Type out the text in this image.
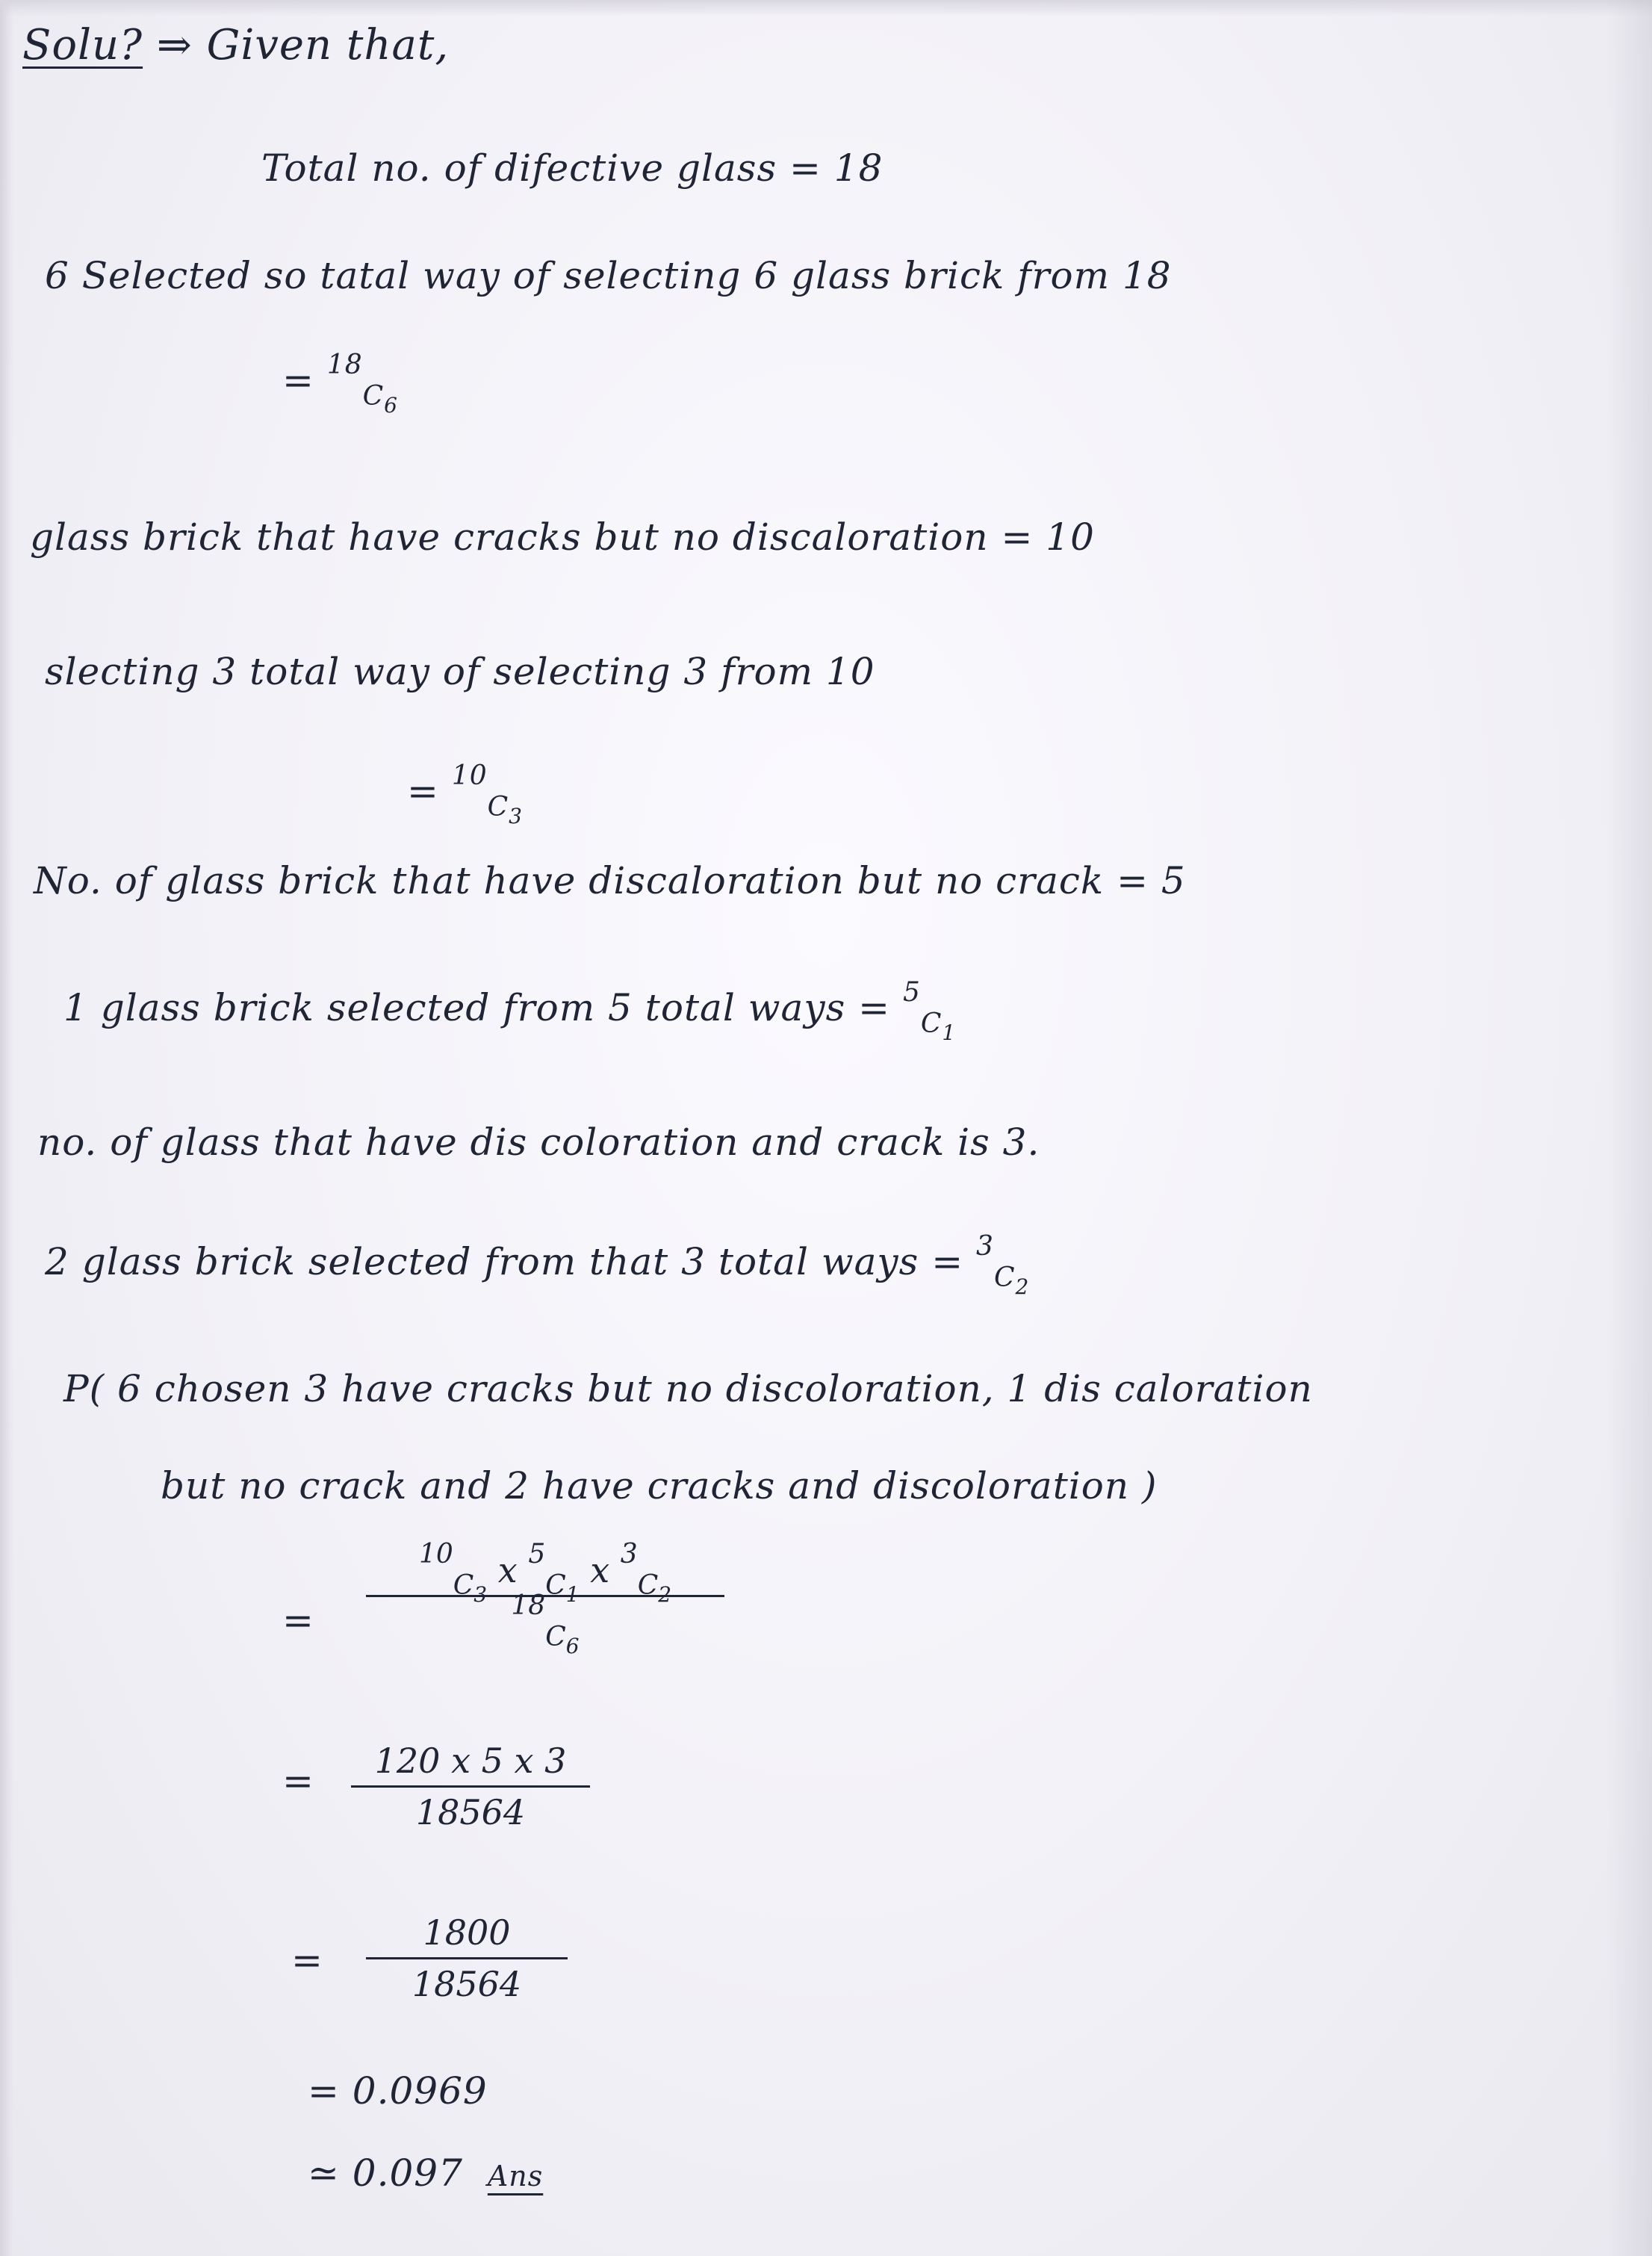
Solu? ⇒ Given that,
Total no. of difective glass = 18
6 Selected so tatal way of selecting 6 glass brick from 18
= $^{18}_{C6}$
glass brick that have cracks but no discaloration = 10
slecting 3 total way of selecting 3 from 10
= $^{10}_{C3}$
No. of glass brick that have discaloration but no crack = 5
1 glass brick selected from 5 total ways = $^5_{C1}$
no. of glass that have dis coloration and crack is 3.
2 glass brick selected from that 3 total ways = $^3_{C2}$
P( 6 chosen 3 have cracks but no discoloration, 1 dis caloration
but no crack and 2 have cracks and discoloration )
=
$^{10}_{C3}$ x $^5_{C1}$ x $^3_{C2}$
$^{18}_{C6}$
=	120 x 5 x 3
18564
=
1800
18564
= 0.0969
≃ 0.097 Ans
